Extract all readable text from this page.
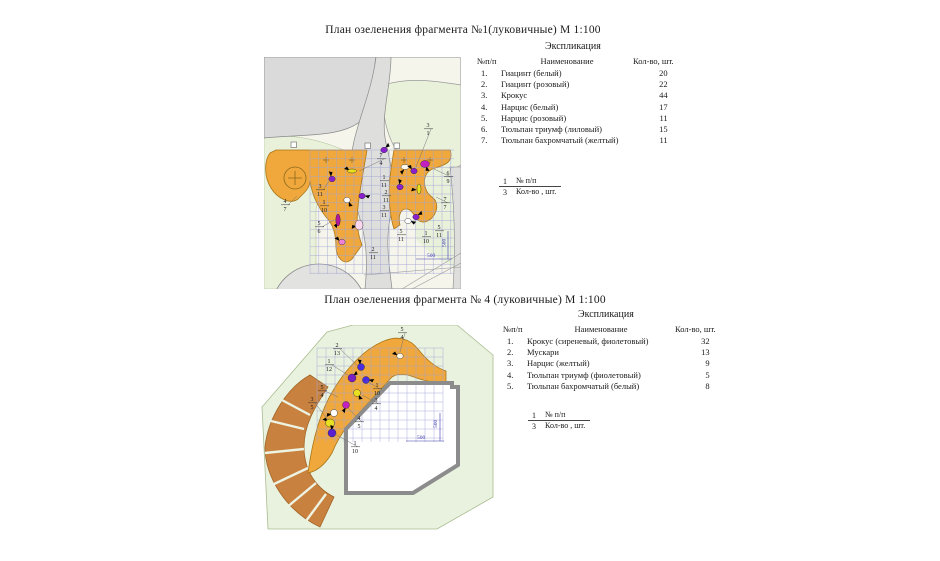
План озеленения фрагмента №1(луковичные) М 1:100
Экспликация
№п/п	Наименование	Кол-во, шт.
1.	Гиацинт (белый)	20
2.	Гиацинт (розовый)	22
3.	Крокус	44
4.	Нарцис (белый)	17
5.	Нарцис (розовый)	11
6.	Тюльпан триумф (лиловый)	15
7.	Тюльпан бахромчатый (желтый)	11
1	№ п/п
3	Кол-во , шт.
500
500
3
1
7
4
3
11
1
10
5
6
4
7
1
11
2
11
3
11
5
11
1
10
5
11
2
11
6
9
7
7
План озеленения фрагмента № 4 (луковичные) М 1:100
Экспликация
№п/п	Наименование	Кол-во, шт.
1.	Крокус (сиреневый, фиолетовый)	32
2.	Мускари	13
3.	Нарцис (желтый)	9
4.	Тюльпан триумф (фиолетовый)	5
5.	Тюльпан бахромчатый (белый)	8
1	№ п/п
3	Кол-во , шт.
500
500
5
4
2
13
1
12
5
4
3
5
1
10
3
4
4
5
1
10
